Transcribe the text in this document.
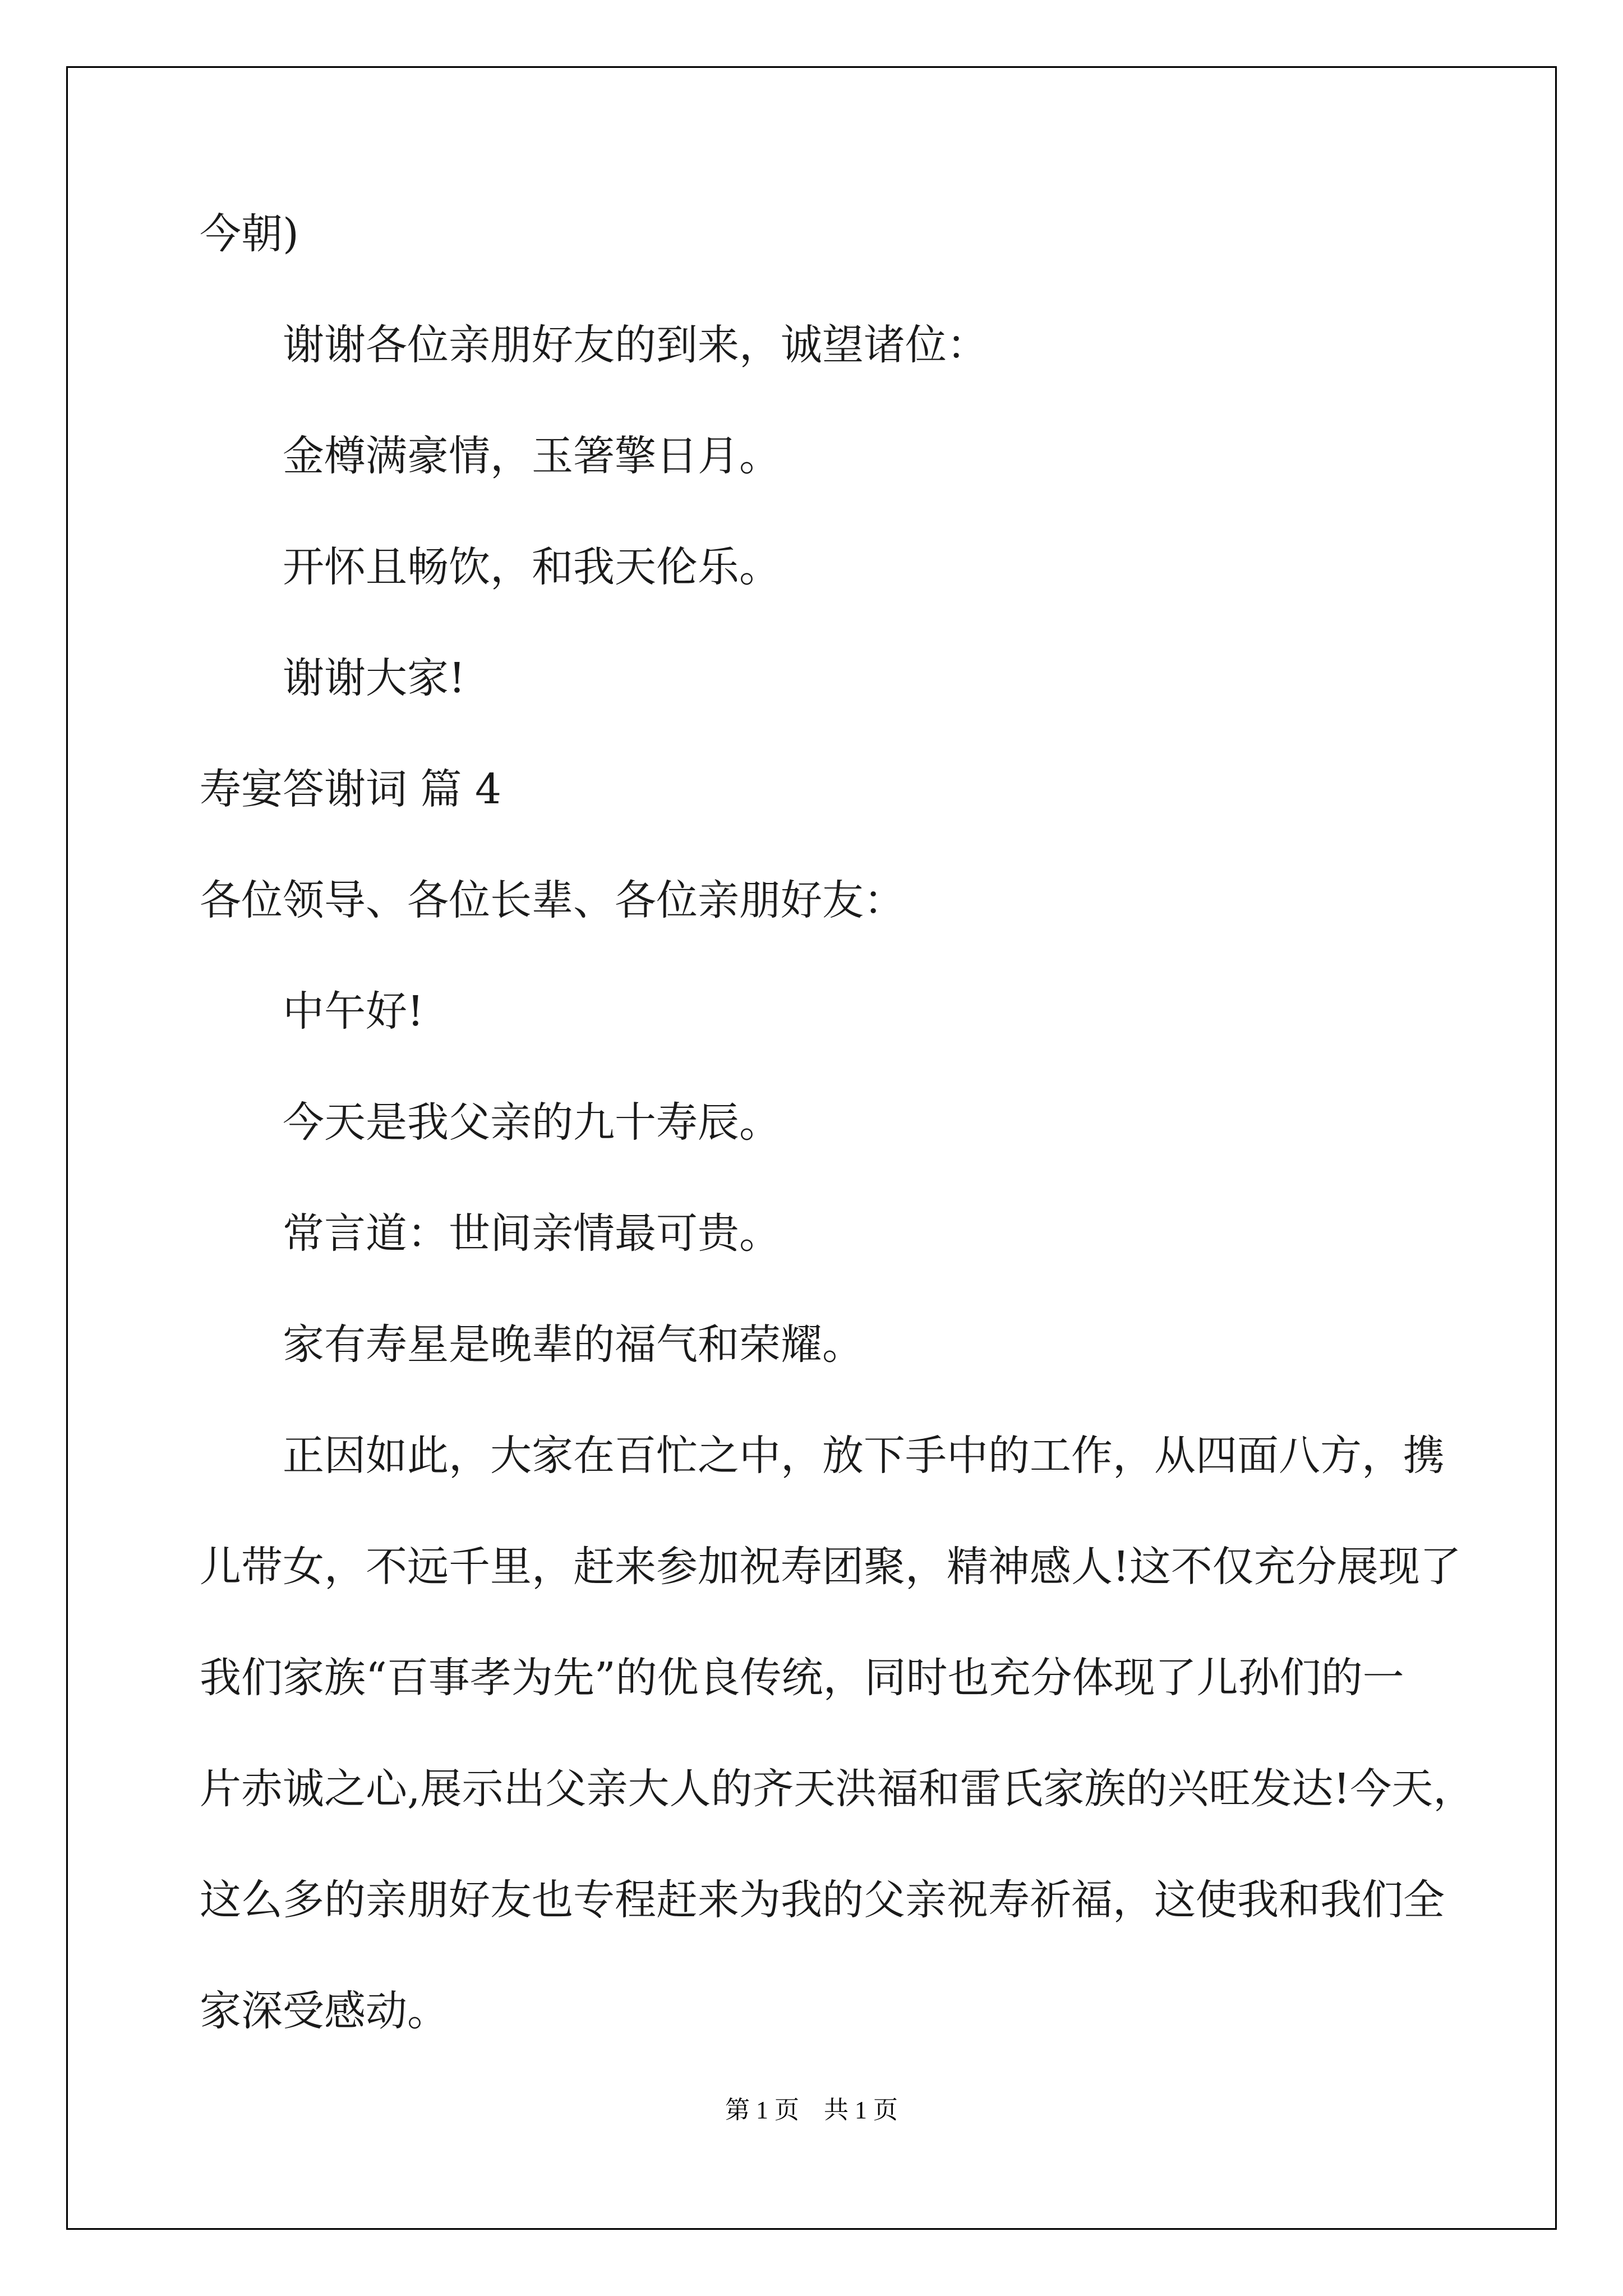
今朝)
谢谢各位亲朋好友的到来，诚望诸位：
金樽满豪情，玉箸擎日月。
开怀且畅饮，和我天伦乐。
谢谢大家!
寿宴答谢词 篇 4
各位领导、各位长辈、各位亲朋好友：
中午好!
今天是我父亲的九十寿辰。
常言道：世间亲情最可贵。
家有寿星是晚辈的福气和荣耀。
正因如此，大家在百忙之中，放下手中的工作，从四面八方，携
儿带女，不远千里，赶来参加祝寿团聚，精神感人!这不仅充分展现了
我们家族“百事孝为先”的优良传统，同时也充分体现了儿孙们的一
片赤诚之心,展示出父亲大人的齐天洪福和雷氏家族的兴旺发达!今天，
这么多的亲朋好友也专程赶来为我的父亲祝寿祈福，这使我和我们全
家深受感动。
第 1 页　共 1 页
